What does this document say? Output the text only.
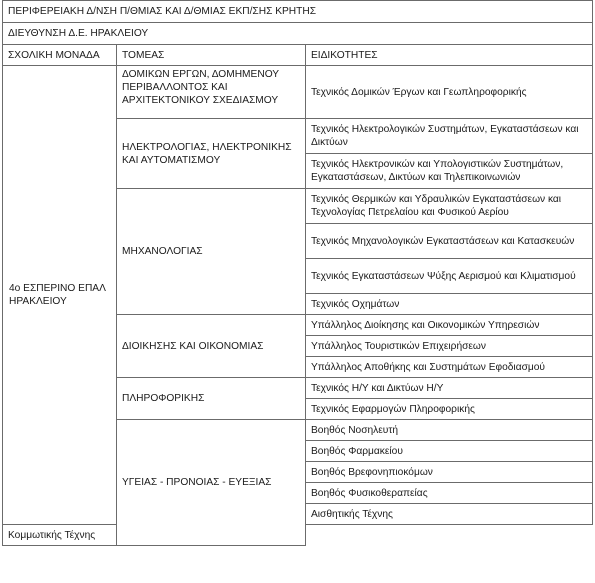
ΠΕΡΙΦΕΡΕΙΑΚΗ Δ/ΝΣΗ Π/ΘΜΙΑΣ ΚΑΙ Δ/ΘΜΙΑΣ ΕΚΠ/ΣΗΣ ΚΡΗΤΗΣ		
ΔΙΕΥΘΥΝΣΗ Δ.Ε. ΗΡΑΚΛΕΙΟΥ		
ΣΧΟΛΙΚΗ ΜΟΝΑΔΑ	ΤΟΜΕΑΣ	ΕΙΔΙΚΟΤΗΤΕΣ
4ο ΕΣΠΕΡΙΝΟ ΕΠΑΛ ΗΡΑΚΛΕΙΟΥ	ΔΟΜΙΚΩΝ ΕΡΓΩΝ, ΔΟΜΗΜΕΝΟΥ ΠΕΡΙΒΑΛΛΟΝΤΟΣ ΚΑΙ ΑΡΧΙΤΕΚΤΟΝΙΚΟΥ ΣΧΕΔΙΑΣΜΟΥ	Τεχνικός Δομικών Έργων και Γεωπληροφορικής
	ΗΛΕΚΤΡΟΛΟΓΙΑΣ, ΗΛΕΚΤΡΟΝΙΚΗΣ ΚΑΙ ΑΥΤΟΜΑΤΙΣΜΟΥ	Τεχνικός Ηλεκτρολογικών Συστημάτων, Εγκαταστάσεων και Δικτύων
		Τεχνικός Ηλεκτρονικών και Υπολογιστικών Συστημάτων, Εγκαταστάσεων, Δικτύων και Τηλεπικοινωνιών
	ΜΗΧΑΝΟΛΟΓΙΑΣ	Τεχνικός Θερμικών και Υδραυλικών Εγκαταστάσεων και Τεχνολογίας Πετρελαίου και Φυσικού Αερίου
		Τεχνικός Μηχανολογικών Εγκαταστάσεων και Κατασκευών
		Τεχνικός Εγκαταστάσεων Ψύξης Αερισμού και Κλιματισμού
		Τεχνικός Οχημάτων
	ΔΙΟΙΚΗΣΗΣ ΚΑΙ ΟΙΚΟΝΟΜΙΑΣ	Υπάλληλος Διοίκησης και Οικονομικών Υπηρεσιών
		Υπάλληλος Τουριστικών Επιχειρήσεων
		Υπάλληλος Αποθήκης και Συστημάτων Εφοδιασμού
	ΠΛΗΡΟΦΟΡΙΚΗΣ	Τεχνικός Η/Υ και Δικτύων Η/Υ
		Τεχνικός Εφαρμογών Πληροφορικής
	ΥΓΕΙΑΣ - ΠΡΟΝΟΙΑΣ - ΕΥΕΞΙΑΣ	Βοηθός Νοσηλευτή
		Βοηθός Φαρμακείου
		Βοηθός Βρεφονηπιοκόμων
		Βοηθός Φυσικοθεραπείας
		Αισθητικής Τέχνης
Κομμωτικής Τέχνης		
